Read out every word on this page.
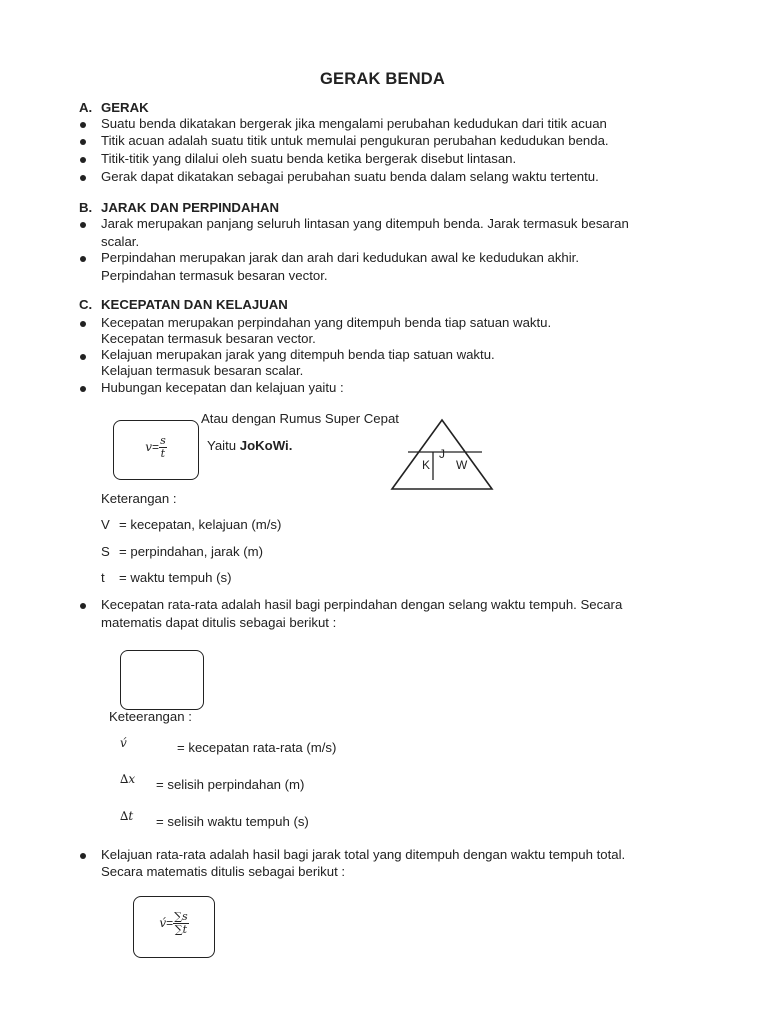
GERAK BENDA
A. GERAK
Suatu benda dikatakan bergerak jika mengalami perubahan kedudukan dari titik acuan
Titik acuan adalah suatu titik untuk memulai pengukuran perubahan kedudukan benda.
Titik-titik yang dilalui oleh suatu benda ketika bergerak disebut lintasan.
Gerak dapat dikatakan sebagai perubahan suatu benda dalam selang waktu tertentu.
B. JARAK DAN PERPINDAHAN
Jarak merupakan panjang seluruh lintasan yang ditempuh benda. Jarak termasuk besaran
scalar.
Perpindahan merupakan jarak dan arah dari kedudukan awal ke kedudukan akhir.
Perpindahan termasuk besaran vector.
C. KECEPATAN DAN KELAJUAN
Kecepatan merupakan perpindahan yang ditempuh benda tiap satuan waktu.
Kecepatan termasuk besaran vector.
Kelajuan merupakan jarak yang ditempuh benda tiap satuan waktu.
Kelajuan termasuk besaran scalar.
Hubungan kecepatan dan kelajuan yaitu :
$v= \frac{s}{t}$
Atau dengan Rumus Super Cepat
Yaitu JoKoWi.
J
K W
Keterangan :
V = kecepatan, kelajuan (m/s)
S = perpindahan, jarak (m)
t = waktu tempuh (s)
Kecepatan rata-rata adalah hasil bagi perpindahan dengan selang waktu tempuh. Secara
matematis dapat ditulis sebagai berikut :
Keteerangan :
v́	= kecepatan rata-rata (m/s)
∆x = selisih perpindahan (m)
∆t = selisih waktu tempuh (s)
Kelajuan rata-rata adalah hasil bagi jarak total yang ditempuh dengan waktu tempuh total.
Secara matematis ditulis sebagai berikut :
v́= $\frac{\sum s}{\sum t}$
